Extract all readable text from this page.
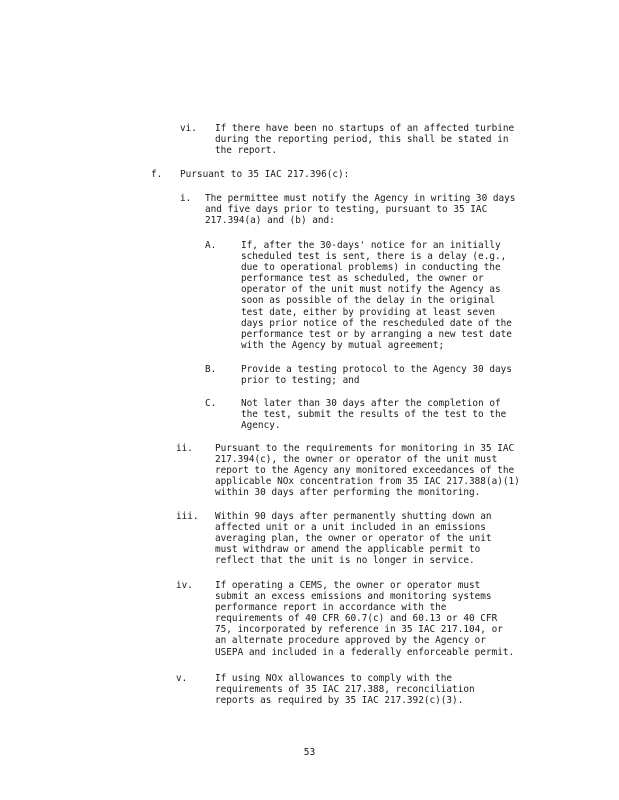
vi. If there have been no startups of an affected turbine
during the reporting period, this shall be stated in
the report.
f. Pursuant to 35 IAC 217.396(c):
i. The permittee must notify the Agency in writing 30 days
and five days prior to testing, pursuant to 35 IAC
217.394(a) and (b) and:
A.	If, after the 30-days' notice for an initially
scheduled test is sent, there is a delay (e.g.,
due to operational problems) in conducting the
performance test as scheduled, the owner or
operator of the unit must notify the Agency as
soon as possible of the delay in the original
test date, either by providing at least seven
days prior notice of the rescheduled date of the
performance test or by arranging a new test date
with the Agency by mutual agreement;
B.	Provide a testing protocol to the Agency 30 days
prior to testing; and
C.	Not later than 30 days after the completion of
the test, submit the results of the test to the
Agency.
ii. Pursuant to the requirements for monitoring in 35 IAC
217.394(c), the owner or operator of the unit must
report to the Agency any monitored exceedances of the
applicable NOx concentration from 35 IAC 217.388(a)(1)
within 30 days after performing the monitoring.
iii. Within 90 days after permanently shutting down an
affected unit or a unit included in an emissions
averaging plan, the owner or operator of the unit
must withdraw or amend the applicable permit to
reflect that the unit is no longer in service.
iv. If operating a CEMS, the owner or operator must
submit an excess emissions and monitoring systems
performance report in accordance with the
requirements of 40 CFR 60.7(c) and 60.13 or 40 CFR
75, incorporated by reference in 35 IAC 217.104, or
an alternate procedure approved by the Agency or
USEPA and included in a federally enforceable permit.
v.	If using NOx allowances to comply with the
requirements of 35 IAC 217.388, reconciliation
reports as required by 35 IAC 217.392(c)(3).
53
